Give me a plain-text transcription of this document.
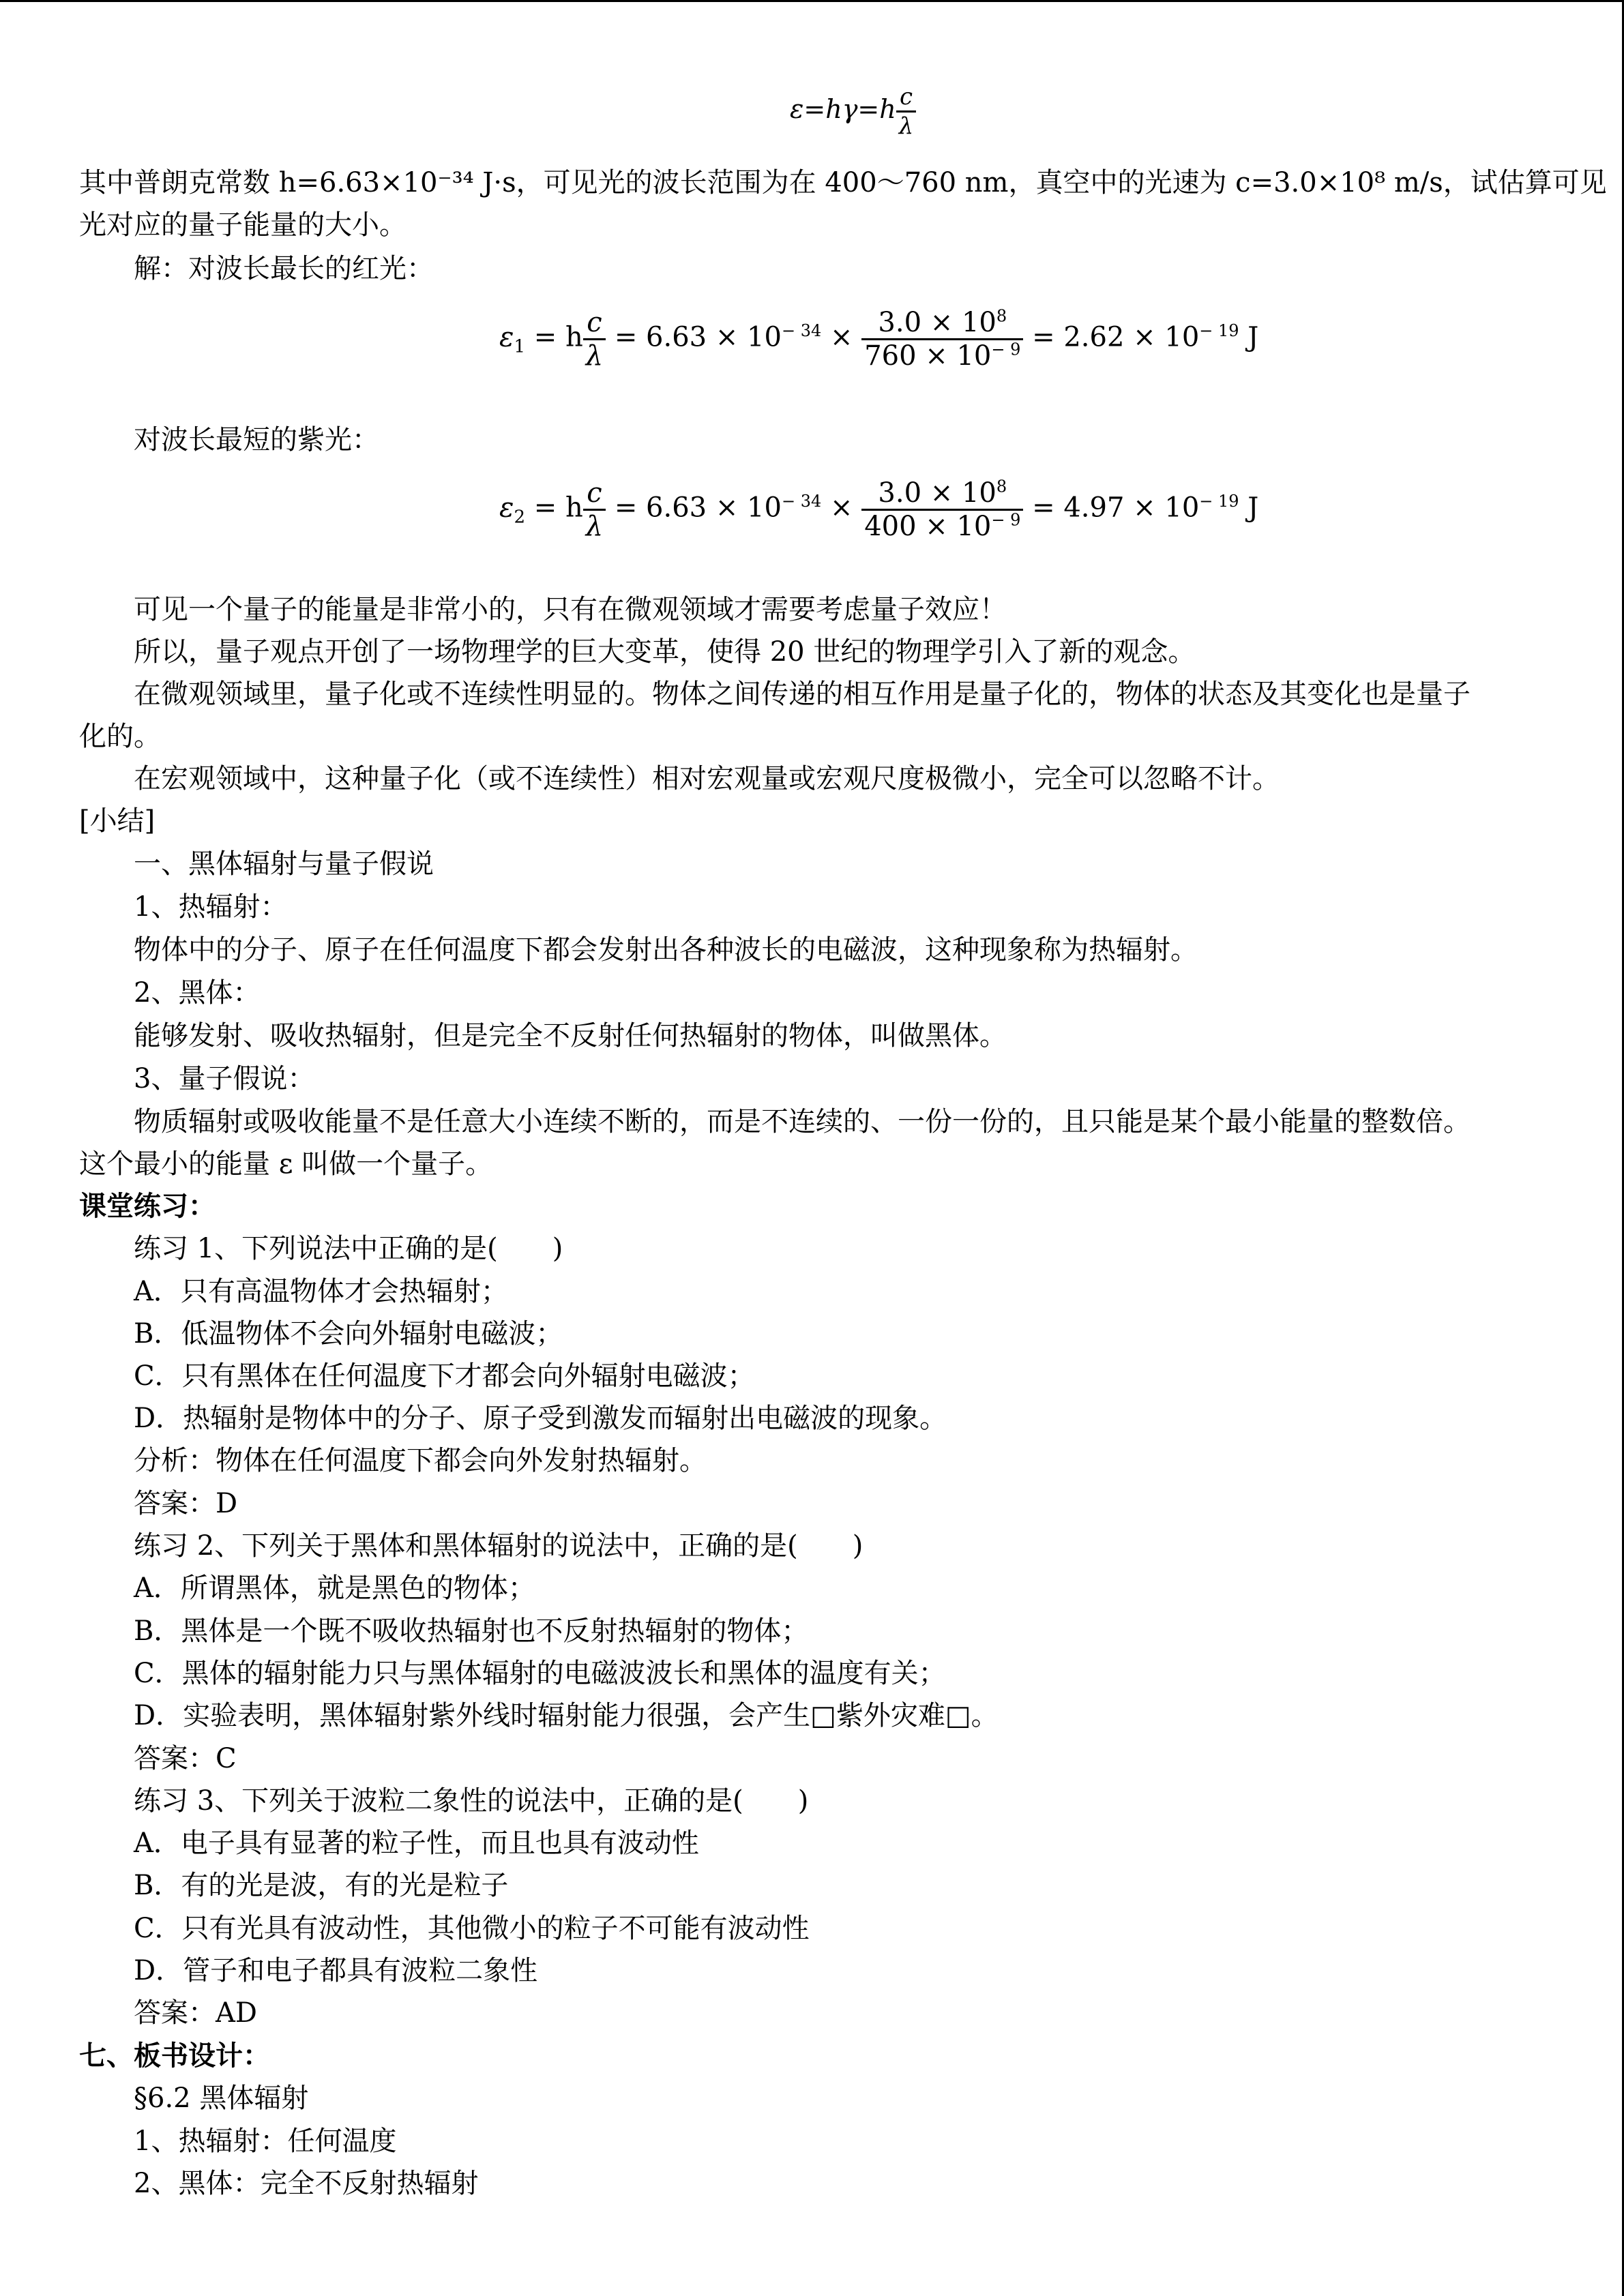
$\varepsilon=h\gamma=h \frac{c}{\lambda}$
其中普朗克常数 h=6.63×10⁻³⁴ J·s，可见光的波长范围为在 400～760 nm，真空中的光速为 c=3.0×10⁸ m/s，试估算可见
光对应的量子能量的大小。
解：对波长最长的红光：
$\varepsilon_1 = h \frac{c}{\lambda} = 6.63 \times 10^{- 34} \times \frac{3.0 \times 10^8}{760 \times 10^{- 9}} = 2.62 \times 10^{- 19}$ J
对波长最短的紫光：
$\varepsilon_2 = h \frac{c}{\lambda} = 6.63 \times 10^{- 34} \times \frac{3.0 \times 10^8}{400 \times 10^{- 9}} = 4.97 \times 10^{- 19}$ J
可见一个量子的能量是非常小的，只有在微观领域才需要考虑量子效应！
所以，量子观点开创了一场物理学的巨大变革，使得 20 世纪的物理学引入了新的观念。
在微观领域里，量子化或不连续性明显的。物体之间传递的相互作用是量子化的，物体的状态及其变化也是量子
化的。
在宏观领域中，这种量子化（或不连续性）相对宏观量或宏观尺度极微小，完全可以忽略不计。
[小结]
一、黑体辐射与量子假说
1、热辐射：
物体中的分子、原子在任何温度下都会发射出各种波长的电磁波，这种现象称为热辐射。
2、黑体：
能够发射、吸收热辐射，但是完全不反射任何热辐射的物体，叫做黑体。
3、量子假说：
物质辐射或吸收能量不是任意大小连续不断的，而是不连续的、一份一份的，且只能是某个最小能量的整数倍。
这个最小的能量 ε 叫做一个量子。
课堂练习：
练习 1、下列说法中正确的是(　　)
A．只有高温物体才会热辐射；
B．低温物体不会向外辐射电磁波；
C．只有黑体在任何温度下才都会向外辐射电磁波；
D．热辐射是物体中的分子、原子受到激发而辐射出电磁波的现象。
分析：物体在任何温度下都会向外发射热辐射。
答案：D
练习 2、下列关于黑体和黑体辐射的说法中，正确的是(　　)
A．所谓黑体，就是黑色的物体；
B．黑体是一个既不吸收热辐射也不反射热辐射的物体；
C．黑体的辐射能力只与黑体辐射的电磁波波长和黑体的温度有关；
D．实验表明，黑体辐射紫外线时辐射能力很强，会产生□紫外灾难□。
答案：C
练习 3、下列关于波粒二象性的说法中，正确的是(　　)
A．电子具有显著的粒子性，而且也具有波动性
B．有的光是波，有的光是粒子
C．只有光具有波动性，其他微小的粒子不可能有波动性
D．管子和电子都具有波粒二象性
答案：AD
七、板书设计：
§6.2 黑体辐射
1、热辐射：任何温度
2、黑体：完全不反射热辐射
